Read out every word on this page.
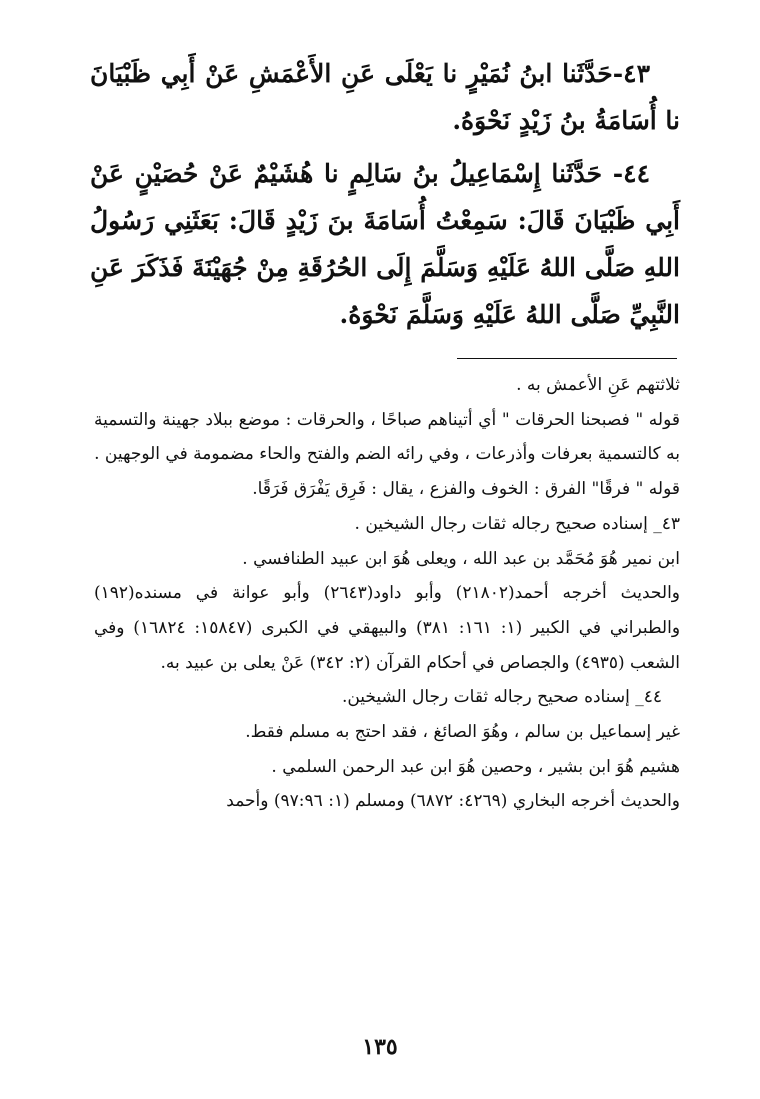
٤٣-حَدَّثَنا ابنُ نُمَيْرٍ نا يَعْلَى عَنِ الأَعْمَشِ عَنْ أَبِي ظَبْيَانَ نا أُسَامَةُ بنُ زَيْدٍ نَحْوَهُ.

٤٤- حَدَّثَنا إِسْمَاعِيلُ بنُ سَالِمٍ نا هُشَيْمٌ عَنْ حُصَيْنٍ عَنْ أَبِي ظَبْيَانَ قَالَ: سَمِعْتُ أُسَامَةَ بنَ زَيْدٍ قَالَ: بَعَثَنِي رَسُولُ اللهِ صَلَّى اللهُ عَلَيْهِ وَسَلَّمَ إِلَى الحُرُقَةِ مِنْ جُهَيْنَةَ فَذَكَرَ عَنِ النَّبِيِّ صَلَّى اللهُ عَلَيْهِ وَسَلَّمَ نَحْوَهُ.

ثلاثتهم عَنِ الأعمش به .

قوله " فصبحنا الحرقات " أي أتيناهم صباحًا ، والحرقات : موضع ببلاد جهينة والتسمية به كالتسمية بعرفات وأذرعات ، وفي رائه الضم والفتح والحاء مضمومة في الوجهين .

قوله " فرقًا" الفرق : الخوف والفزع ، يقال : فَرِق يَفْرَق فَرَقًا.

٤٣_ إسناده صحيح رجاله ثقات رجال الشيخين .

ابن نمير هُوَ مُحَمَّد بن عبد الله ، ويعلى هُوَ ابن عبيد الطنافسي .

والحديث أخرجه أحمد(٢١٨٠٢) وأبو داود(٢٦٤٣) وأبو عوانة في مسنده(١٩٢) والطبراني في الكبير (١: ١٦١: ٣٨١) والبيهقي في الكبرى (١٥٨٤٧: ١٦٨٢٤) وفي الشعب (٤٩٣٥) والجصاص في أحكام القرآن (٢: ٣٤٢) عَنْ يعلى بن عبيد به.

٤٤_ إسناده صحيح رجاله ثقات رجال الشيخين.

غير إسماعيل بن سالم ، وهُوَ الصائغ ، فقد احتج به مسلم فقط.

هشيم هُوَ ابن بشير ، وحصين هُوَ ابن عبد الرحمن السلمي .

والحديث أخرجه البخاري (٤٢٦٩: ٦٨٧٢) ومسلم (١: ٩٧:٩٦) وأحمد

١٣٥
